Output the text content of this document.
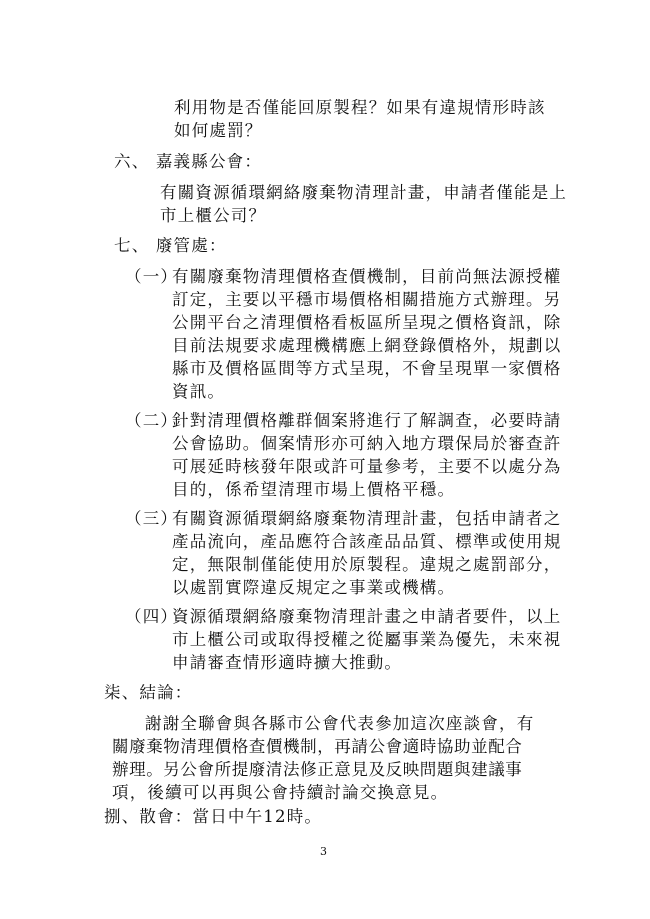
利用物是否僅能回原製程？如果有違規情形時該
如何處罰？
六、 嘉義縣公會：
有關資源循環網絡廢棄物清理計畫，申請者僅能是上
市上櫃公司？
七、 廢管處：
（一）
有關廢棄物清理價格查價機制，目前尚無法源授權
訂定，主要以平穩市場價格相關措施方式辦理。另
公開平台之清理價格看板區所呈現之價格資訊，除
目前法規要求處理機構應上網登錄價格外，規劃以
縣市及價格區間等方式呈現，不會呈現單一家價格
資訊。
（二）
針對清理價格離群個案將進行了解調查，必要時請
公會協助。個案情形亦可納入地方環保局於審查許
可展延時核發年限或許可量參考，主要不以處分為
目的，係希望清理市場上價格平穩。
（三）
有關資源循環網絡廢棄物清理計畫，包括申請者之
產品流向，產品應符合該產品品質、標準或使用規
定，無限制僅能使用於原製程。違規之處罰部分，
以處罰實際違反規定之事業或機構。
（四）
資源循環網絡廢棄物清理計畫之申請者要件，以上
市上櫃公司或取得授權之從屬事業為優先，未來視
申請審查情形適時擴大推動。
柒、結論：
謝謝全聯會與各縣市公會代表參加這次座談會，有
關廢棄物清理價格查價機制，再請公會適時協助並配合
辦理。另公會所提廢清法修正意見及反映問題與建議事
項，後續可以再與公會持續討論交換意見。
捌、散會：當日中午12時。
3
